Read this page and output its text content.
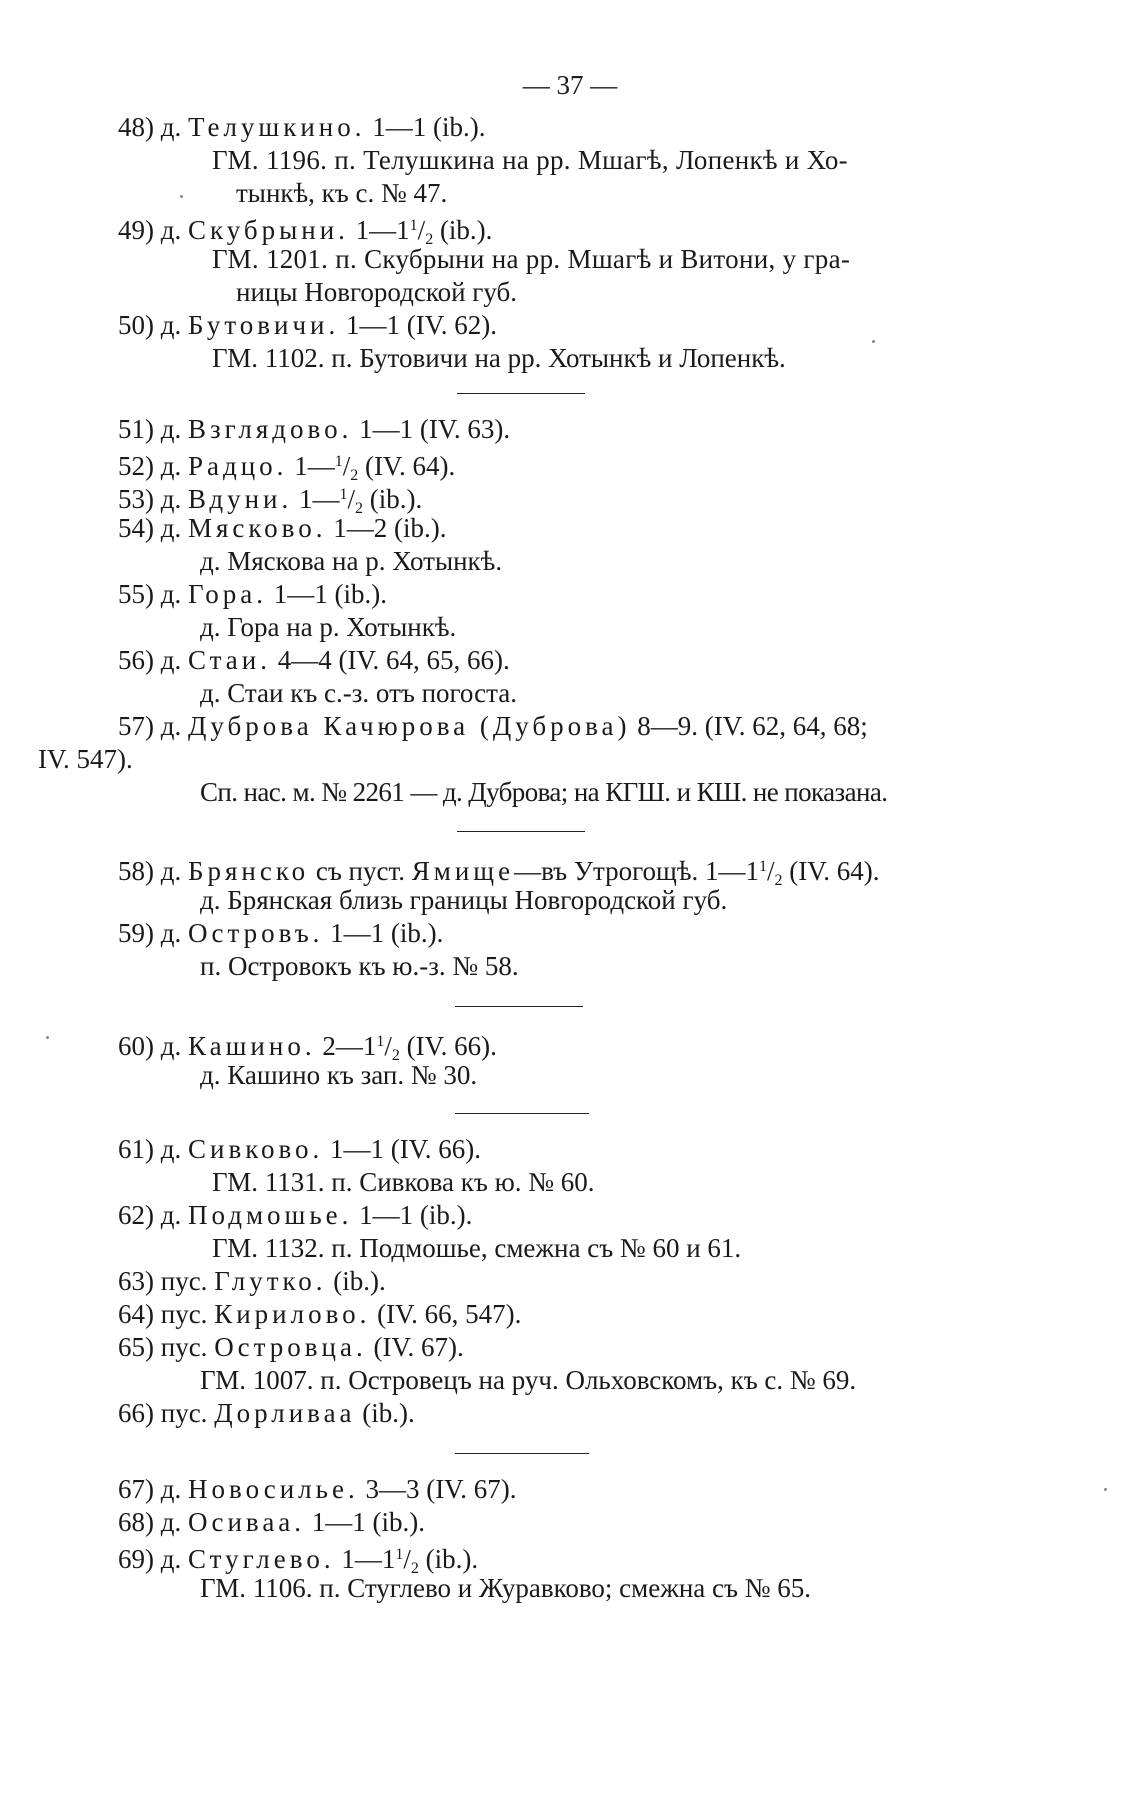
— 37 —
48) д. Телушкино. 1—1 (ib.).
ГМ. 1196. п. Телушкина на рр. Мшагѣ, Лопенкѣ и Хо-
тынкѣ, къ с. № 47.
49) д. Скубрыни. $1—1^1/2$ (ib.).
ГМ. 1201. п. Скубрыни на рр. Мшагѣ и Витони, у гра-
ницы Новгородской губ.
50) д. Бутовичи. 1—1 (IV. 62).
ГМ. 1102. п. Бутовичи на рр. Хотынкѣ и Лопенкѣ.
51) д. Взглядово. 1—1 (IV. 63).
52) д. Радцо. 1—$^1$/2 (IV. 64).
53) д. Вдуни. 1—$^1$/2 (ib.).
54) д. Мясково. 1—2 (ib.).
д. Мяскова на р. Хотынкѣ.
55) д. Гора. 1—1 (ib.).
д. Гора на р. Хотынкѣ.
56) д. Стаи. 4—4 (IV. 64, 65, 66).
д. Стаи къ с.-з. отъ погоста.
57) д. Дуброва Качюрова (Дуброва) 8—9. (IV. 62, 64, 68;
IV. 547).
Сп. нас. м. № 2261 — д. Дуброва; на КГШ. и КШ. не показана.
58) д. Брянско съ пуст. Ямище—въ Утрогощѣ. $1—1^1/2$ (IV. 64).
д. Брянская близь границы Новгородской губ.
59) д. Островъ. 1—1 (ib.).
п. Островокъ къ ю.-з. № 58.
60) д. Кашино. $2—1^1/2$ (IV. 66).
д. Кашино къ зап. № 30.
61) д. Сивково. 1—1 (IV. 66).
ГМ. 1131. п. Сивкова къ ю. № 60.
62) д. Подмошье. 1—1 (ib.).
ГМ. 1132. п. Подмошье, смежна съ № 60 и 61.
63) пус. Глутко. (ib.).
64) пус. Кирилово. (IV. 66, 547).
65) пус. Островца. (IV. 67).
ГМ. 1007. п. Островецъ на руч. Ольховскомъ, къ с. № 69.
66) пус. Дорливаа (ib.).
67) д. Новосилье. 3—3 (IV. 67).
68) д. Осиваа. 1—1 (ib.).
69) д. Стуглево. $1—1^1/2$ (ib.).
ГМ. 1106. п. Стуглево и Журавково; смежна съ № 65.
